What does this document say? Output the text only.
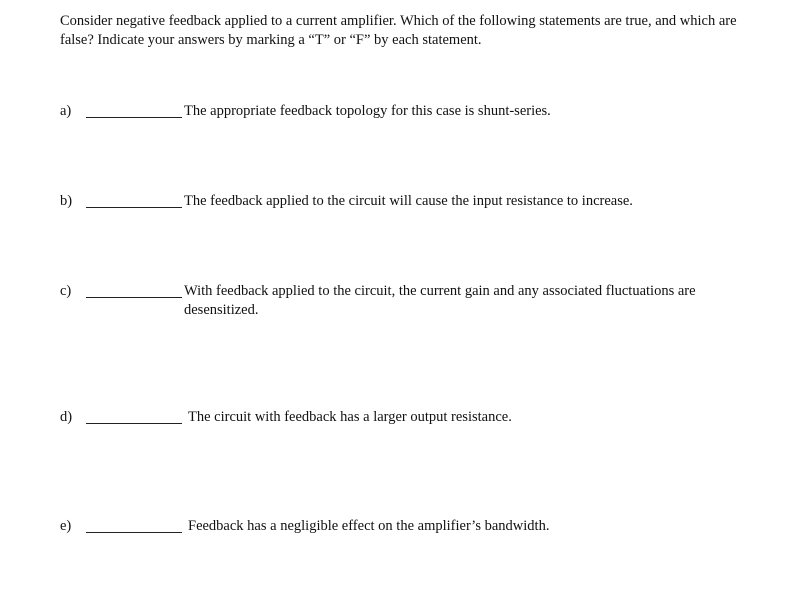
Consider negative feedback applied to a current amplifier. Which of the following statements are true, and which are false? Indicate your answers by marking a “T” or “F” by each statement.
a)	The appropriate feedback topology for this case is shunt-series.
b)	The feedback applied to the circuit will cause the input resistance to increase.
c)	With feedback applied to the circuit, the current gain and any associated fluctuations are desensitized.
d)	The circuit with feedback has a larger output resistance.
e)	Feedback has a negligible effect on the amplifier’s bandwidth.
